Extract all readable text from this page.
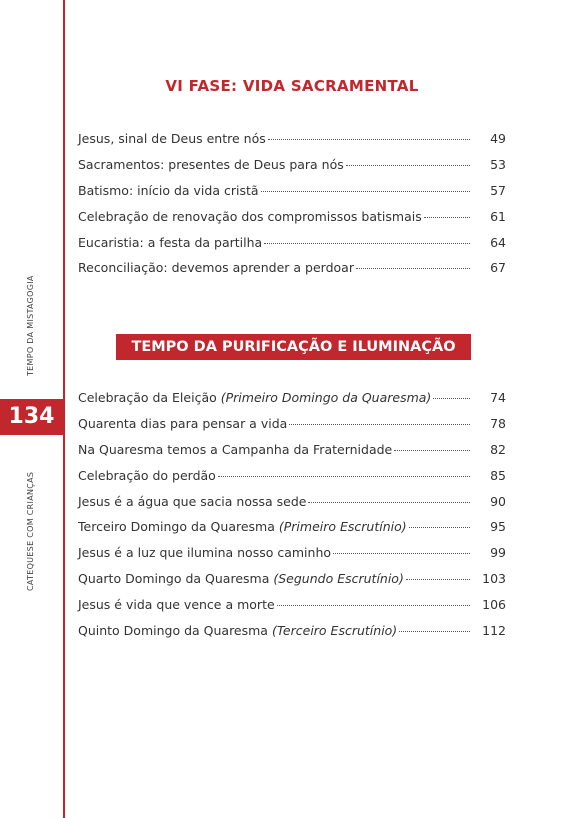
TEMPO DA MISTAGOGIA
134
CATEQUESE COM CRIANÇAS
VI FASE: VIDA SACRAMENTAL
Jesus, sinal de Deus entre nós	49
Sacramentos: presentes de Deus para nós	53
Batismo: início da vida cristã	57
Celebração de renovação dos compromissos batismais	61
Eucaristia: a festa da partilha	64
Reconciliação: devemos aprender a perdoar	67
TEMPO DA PURIFICAÇÃO E ILUMINAÇÃO
Celebração da Eleição (Primeiro Domingo da Quaresma)	74
Quarenta dias para pensar a vida	78
Na Quaresma temos a Campanha da Fraternidade	82
Celebração do perdão	85
Jesus é a água que sacia nossa sede	90
Terceiro Domingo da Quaresma (Primeiro Escrutínio)	95
Jesus é a luz que ilumina nosso caminho	99
Quarto Domingo da Quaresma (Segundo Escrutínio)	103
Jesus é vida que vence a morte	106
Quinto Domingo da Quaresma (Terceiro Escrutínio)	112
